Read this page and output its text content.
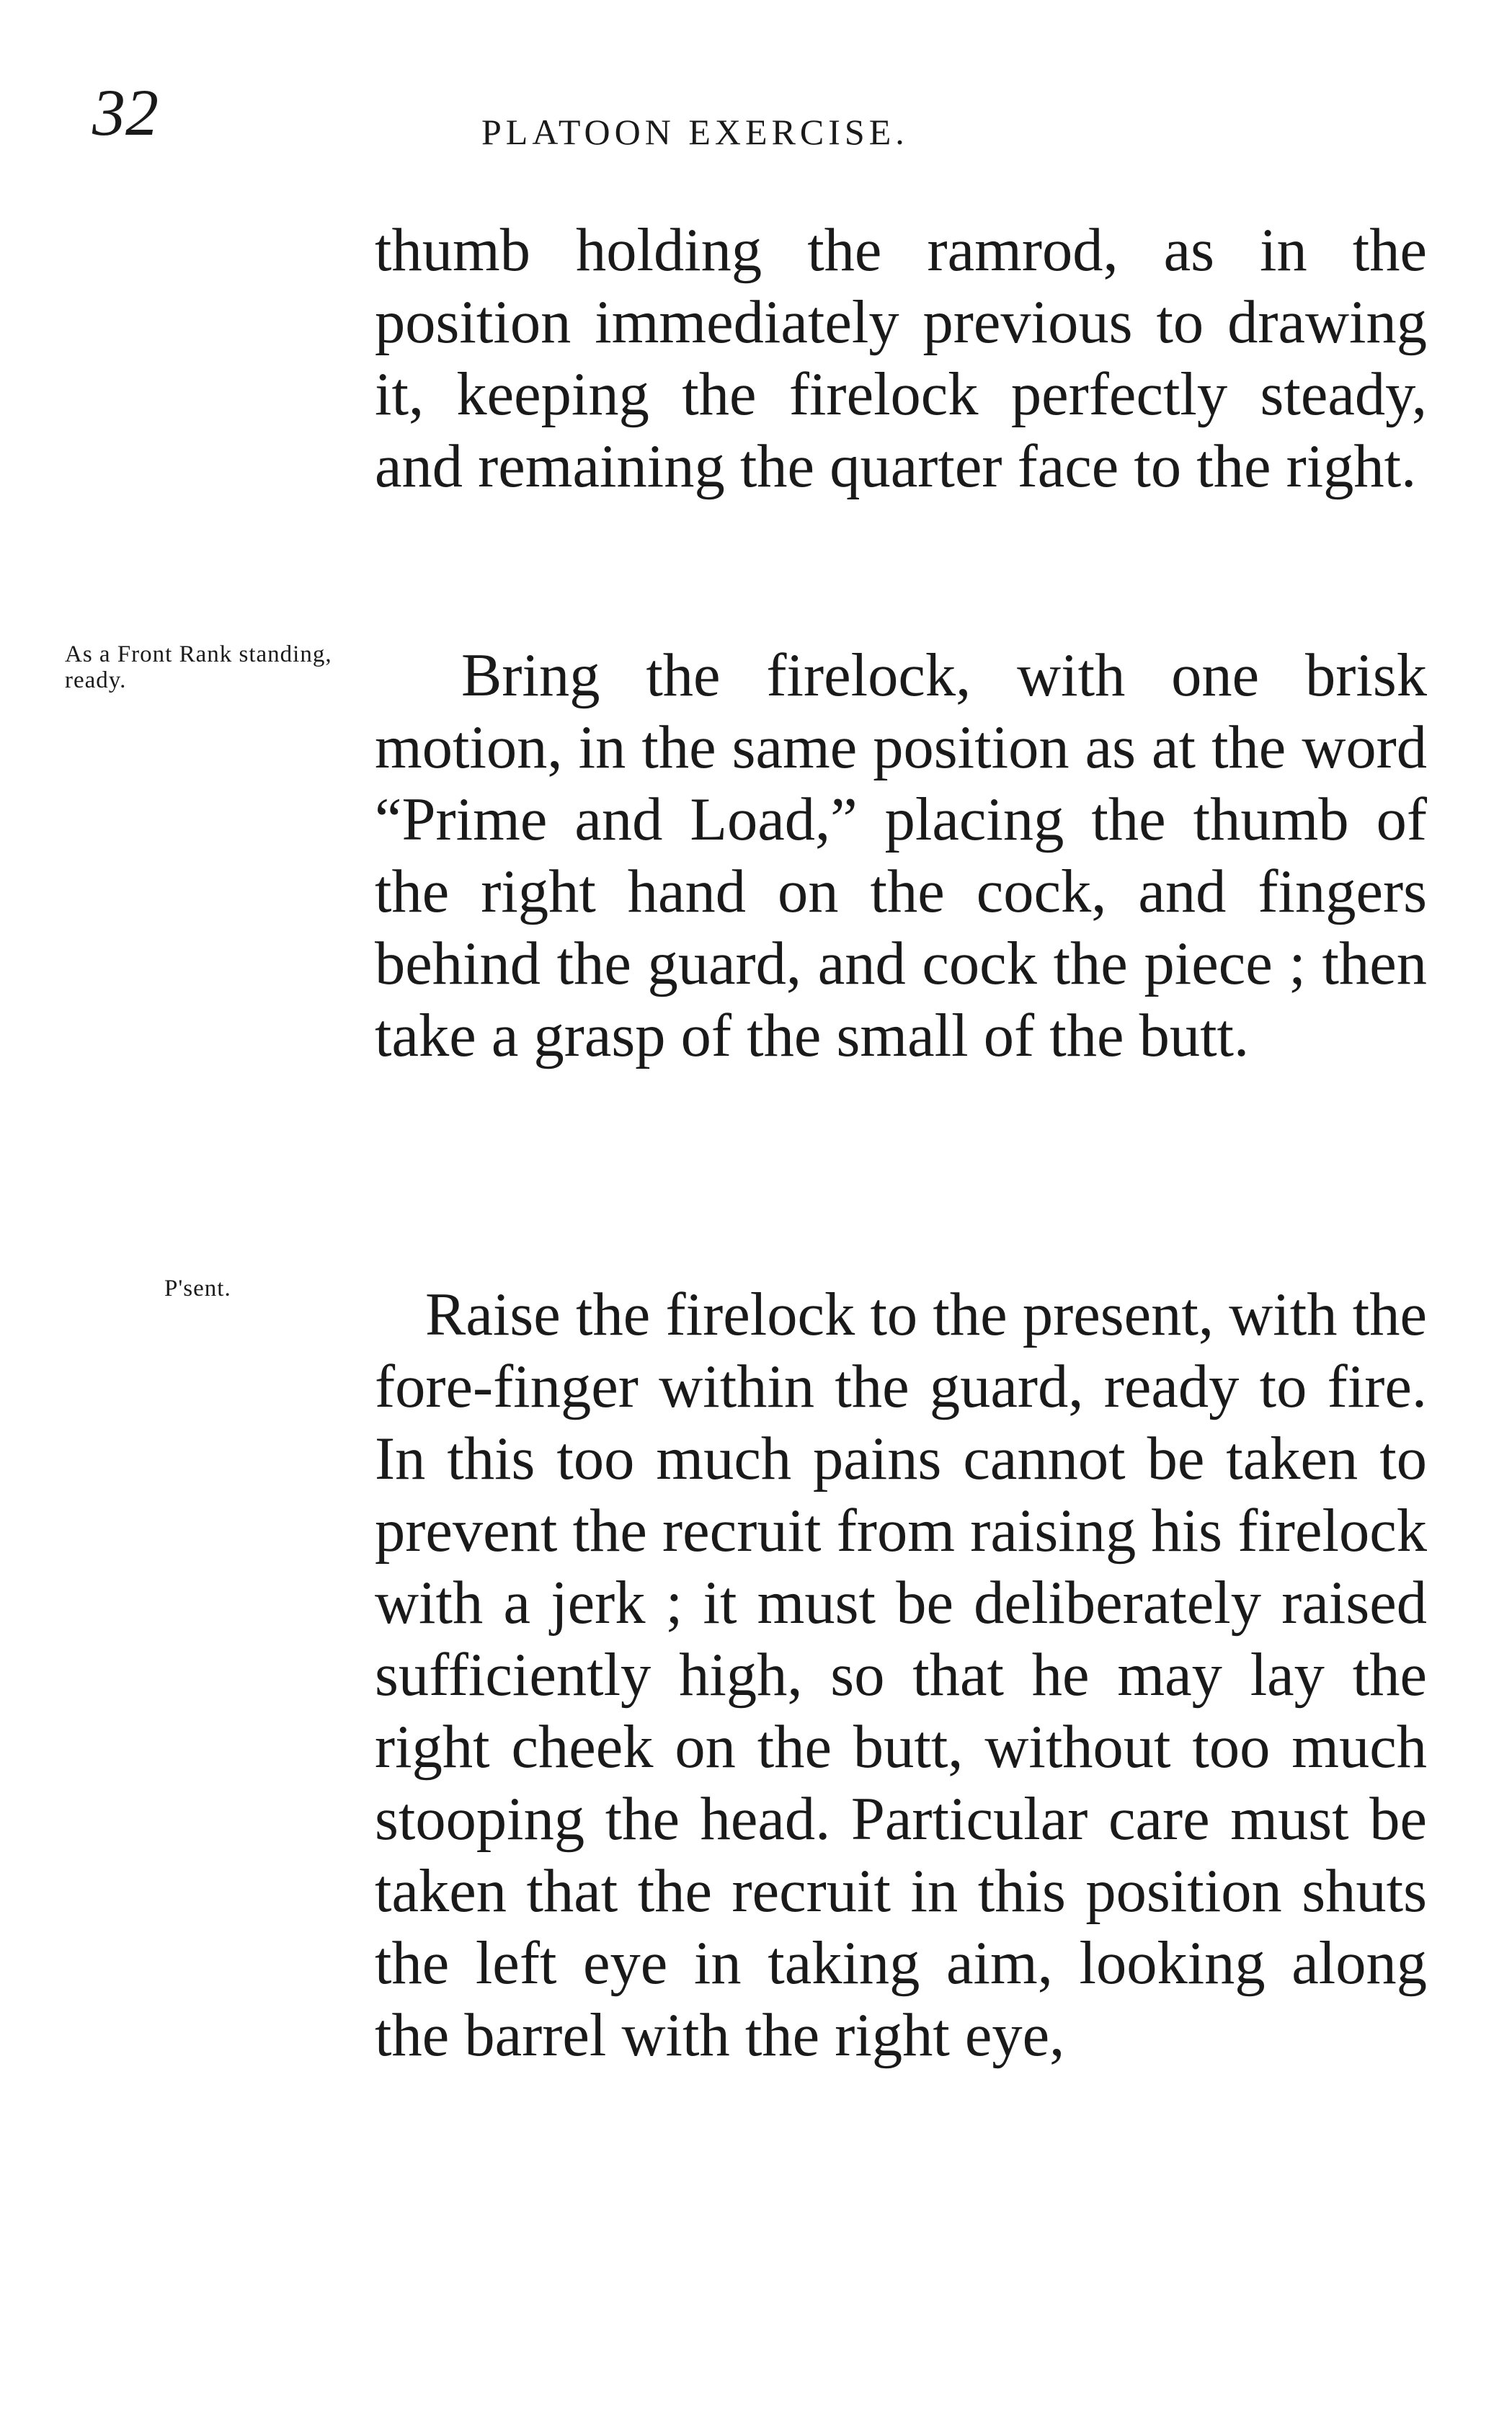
32	PLATOON EXERCISE.
As a Front Rank standing, ready.
P'sent.

thumb holding the ramrod, as in the position immediately previous to drawing it, keeping the firelock perfectly steady, and remaining the quarter face to the right.

Bring the firelock, with one brisk motion, in the same position as at the word “Prime and Load,” placing the thumb of the right hand on the cock, and fingers behind the guard, and cock the piece ; then take a grasp of the small of the butt.

Raise the firelock to the present, with the fore-finger within the guard, ready to fire. In this too much pains cannot be taken to prevent the recruit from raising his firelock with a jerk ; it must be deliberately raised sufficiently high, so that he may lay the right cheek on the butt, without too much stooping the head. Particular care must be taken that the recruit in this position shuts the left eye in taking aim, looking along the barrel with the right eye,
